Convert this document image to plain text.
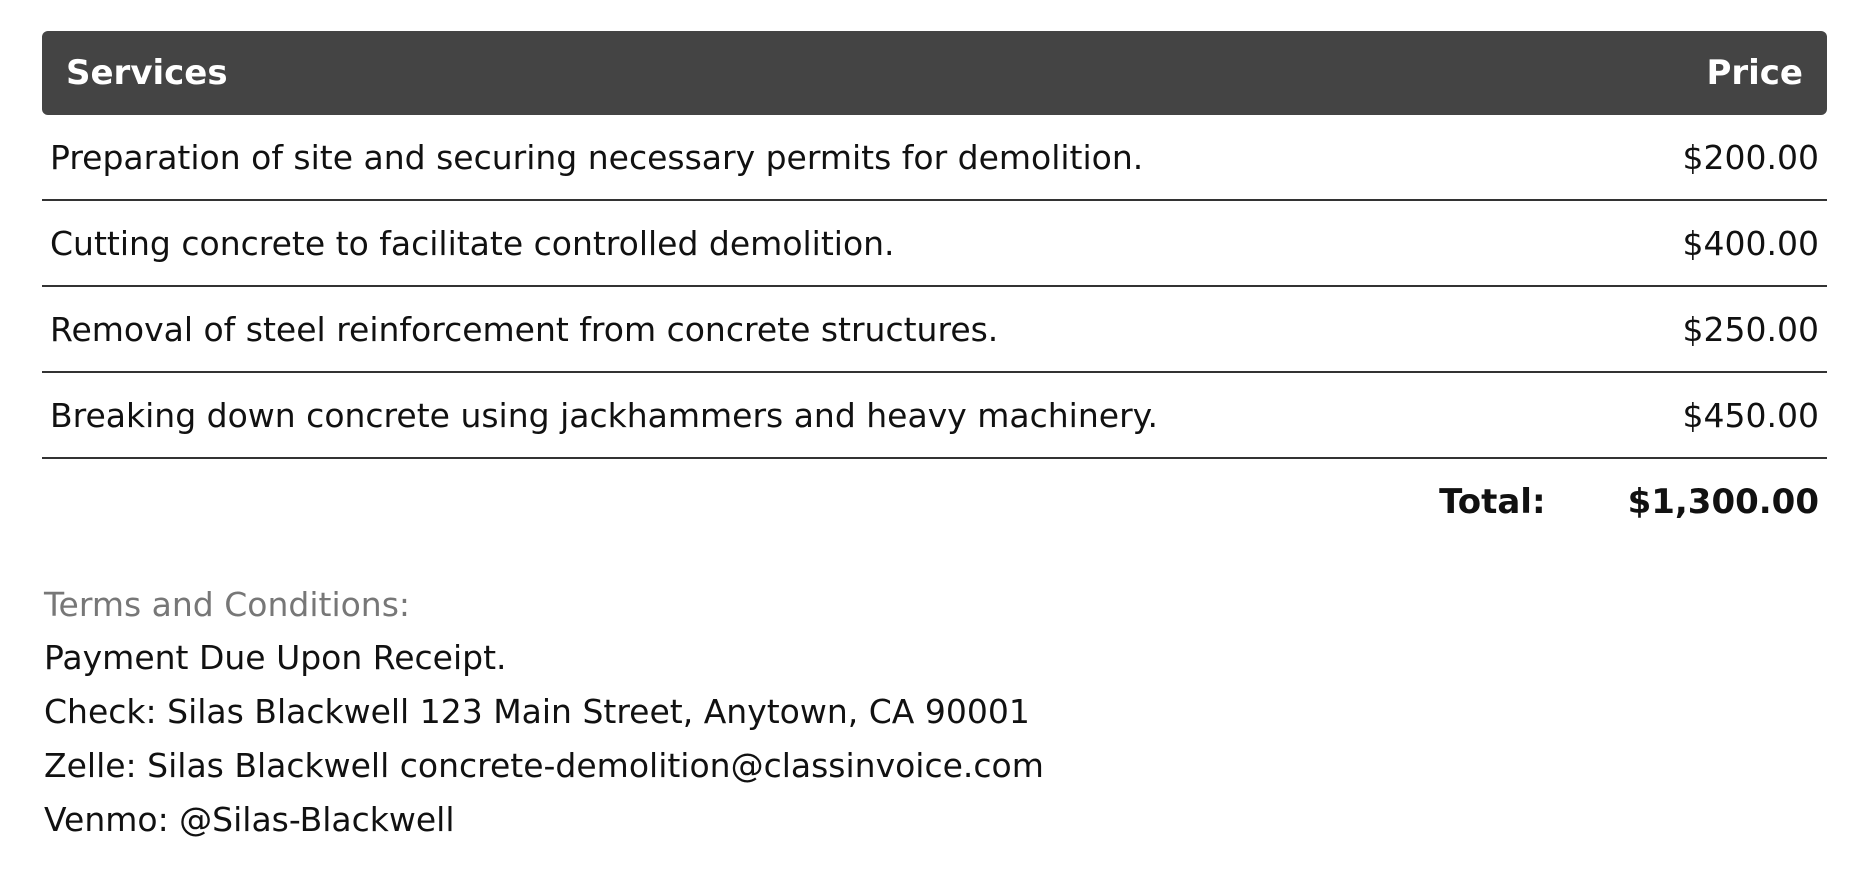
Services	Price
Preparation of site and securing necessary permits for demolition.	$200.00
Cutting concrete to facilitate controlled demolition.	$400.00
Removal of steel reinforcement from concrete structures.	$250.00
Breaking down concrete using jackhammers and heavy machinery.	$450.00
Total: $1,300.00
Terms and Conditions:
Payment Due Upon Receipt.
Check: Silas Blackwell 123 Main Street, Anytown, CA 90001
Zelle: Silas Blackwell concrete-demolition@classinvoice.com
Venmo: @Silas-Blackwell
